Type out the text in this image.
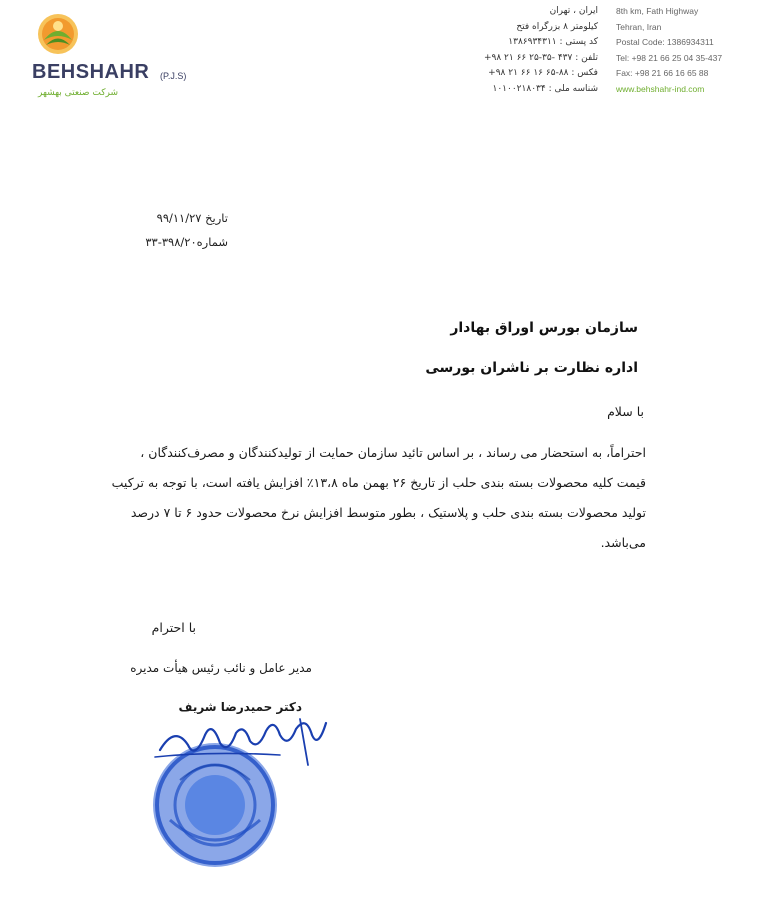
BEHSHAHR (P.J.S)
شرکت صنعتی بهشهر
ایران ، تهران
کیلومتر ۸ بزرگراه فتح
کد پستی : ۱۳۸۶۹۳۴۳۱۱
تلفن : ۴۳۷ -۳۵-۲۵ ۶۶ ۲۱ ۹۸+
فکس : ۸۸-۶۵ ۱۶ ۶۶ ۲۱ ۹۸+
شناسه ملی : ۱۰۱۰۰۲۱۸۰۳۴
8th km, Fath Highway
Tehran, Iran
Postal Code: 1386934311
Tel: +98 21 66 25 04 35-437
Fax: +98 21 66 16 65 88
www.behshahr-ind.com
تاریخ ۹۹/۱۱/۲۷
شماره۳۹۸/۲۰-۳۳
سازمان بورس اوراق بهادار
اداره نظارت بر ناشران بورسی
با سلام
احتراماً، به استحضار می رساند ، بر اساس تائید سازمان حمایت از تولیدکنندگان و مصرف‌کنندگان ،
قیمت کلیه محصولات بسته بندی حلب از تاریخ ۲۶ بهمن ماه ۱۳،۸٪ افزایش یافته است، با توجه به ترکیب
تولید محصولات بسته بندی حلب و پلاستیک ، بطور متوسط افزایش نرخ محصولات حدود ۶ تا ۷ درصد
می‌باشد.
با احترام
مدیر عامل و نائب رئیس هیأت مدیره
دکتر حمیدرضا شریف
